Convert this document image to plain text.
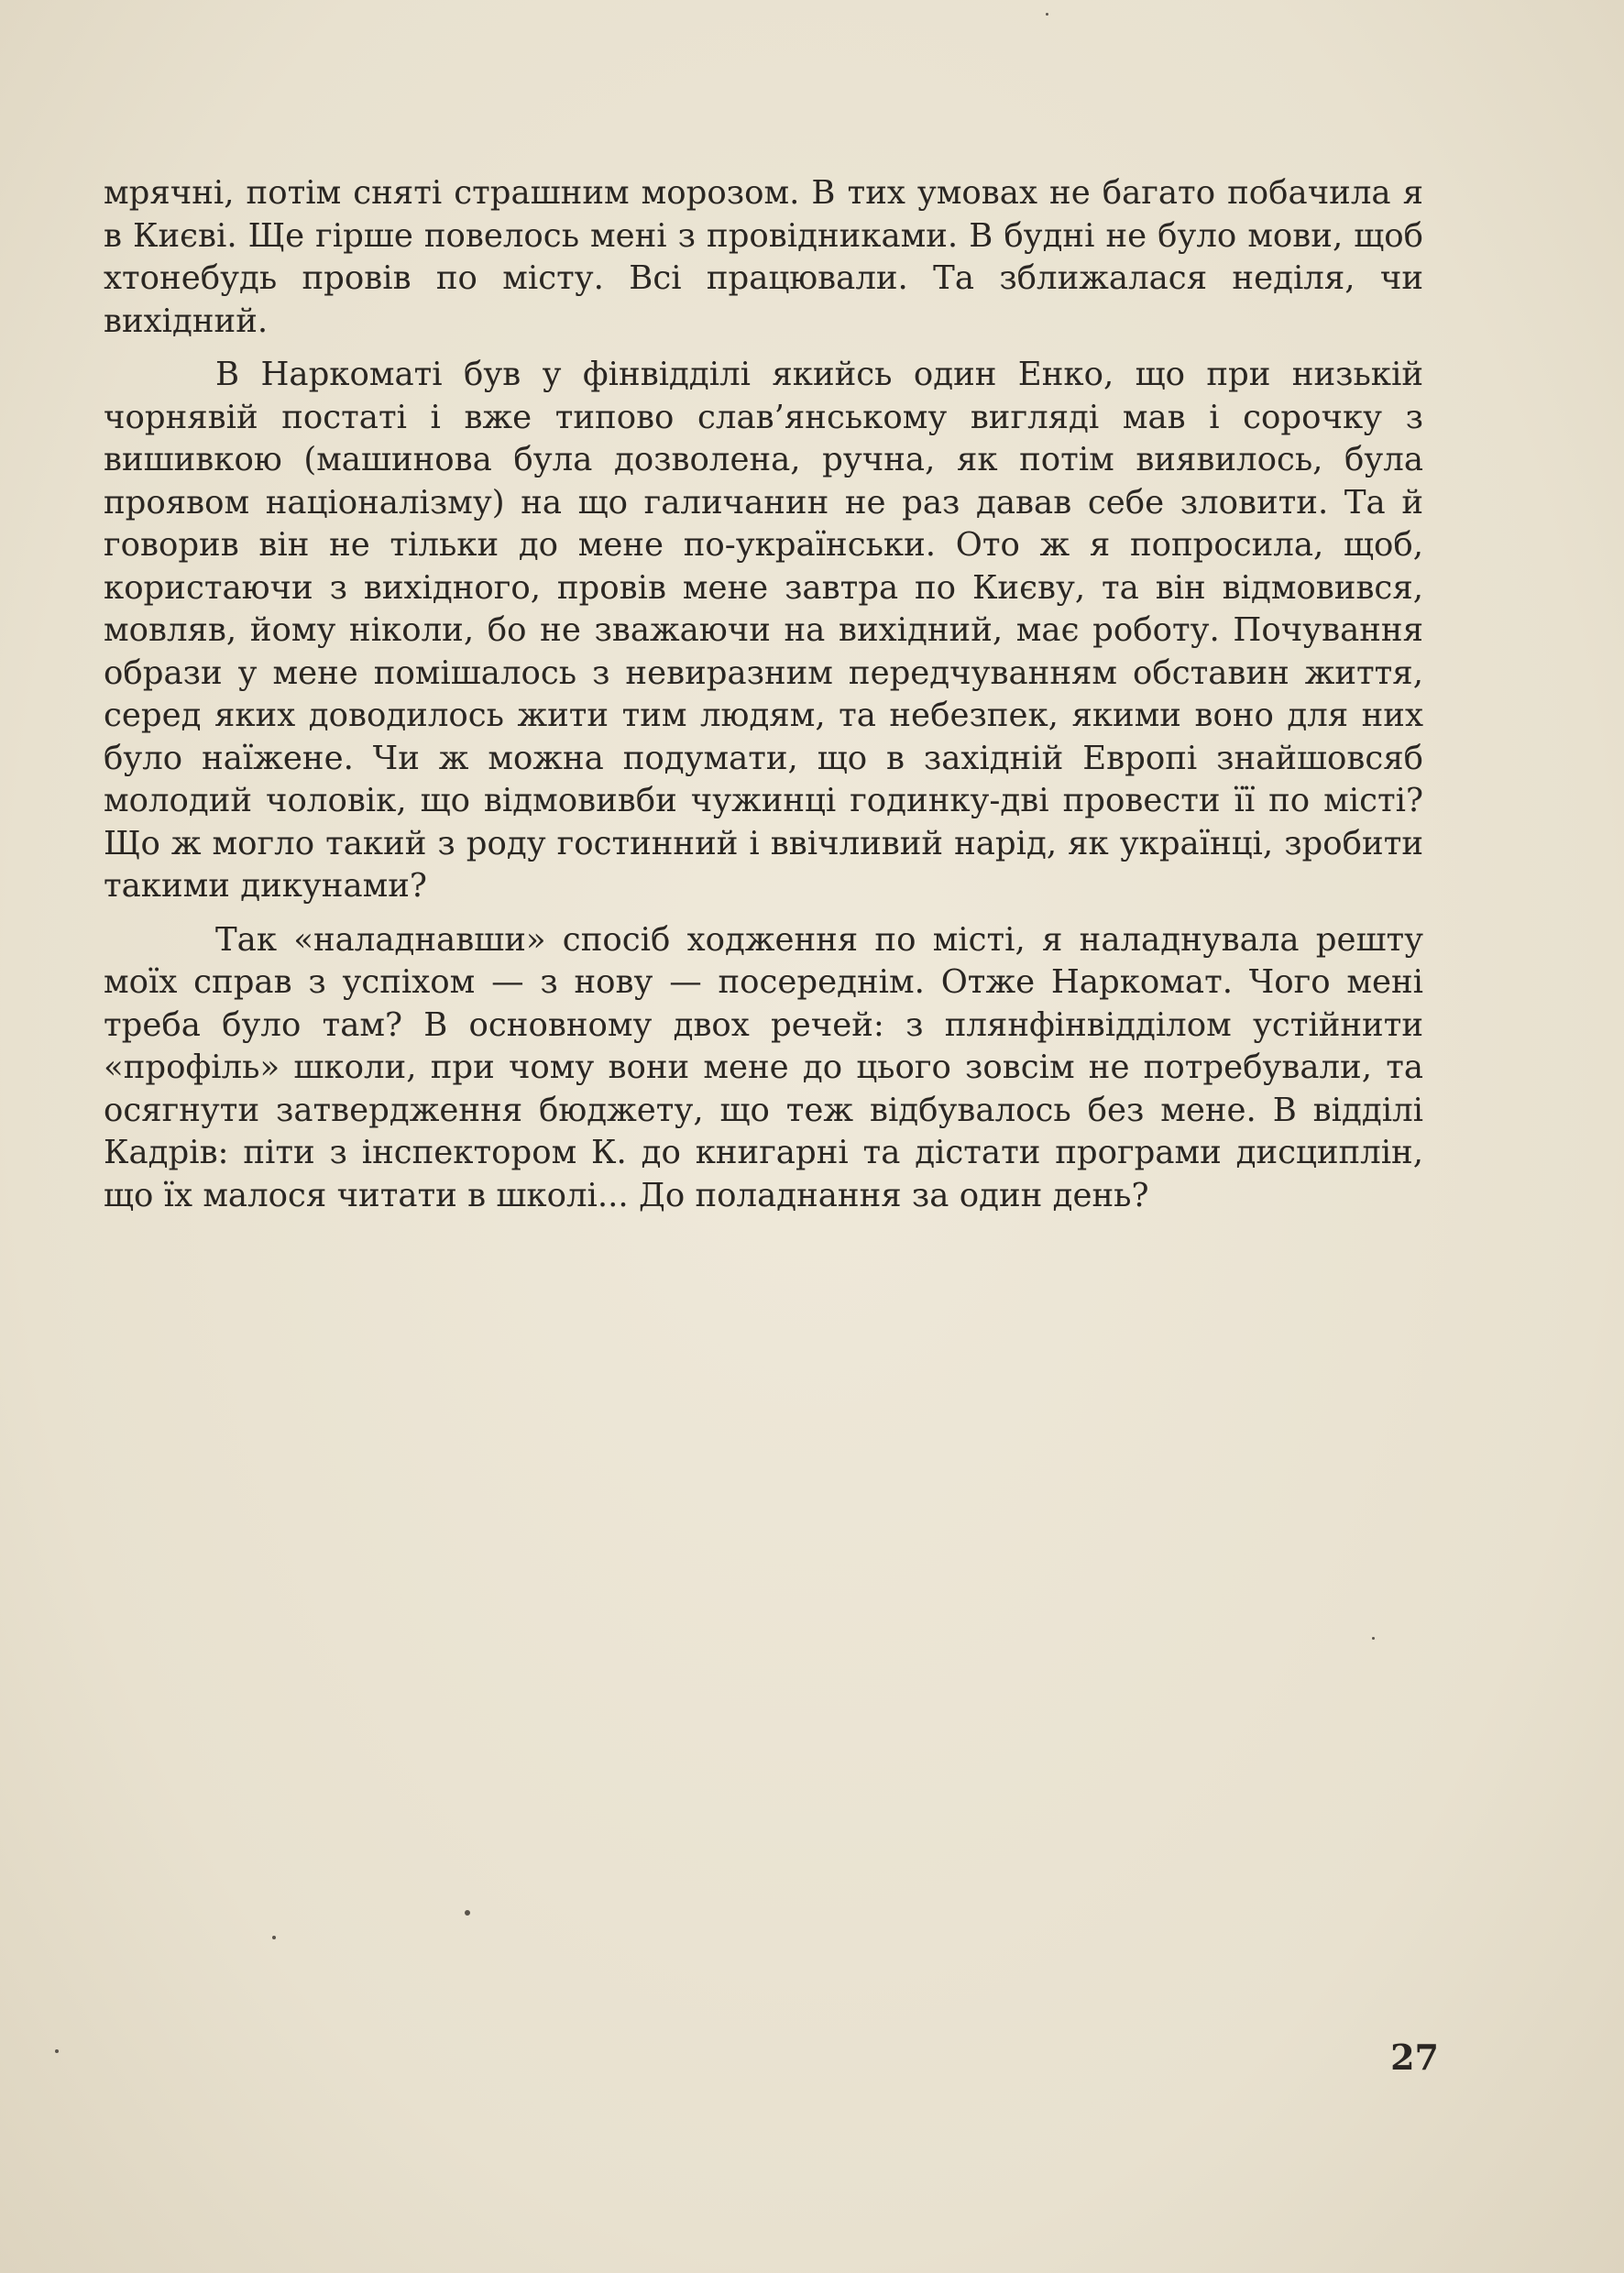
мрячні, потім сняті страшним морозом. В тих умовах не багато побачила я в Києві. Ще гірше повелось мені з провідниками. В будні не було мови, щоб хтонебудь провів по місту. Всі працювали. Та зближалася неділя, чи вихідний.

В Наркоматі був у фінвідділі якийсь один Енко, що при низькій чорнявій постаті і вже типово слав’янському вигляді мав і сорочку з вишивкою (машинова була дозволена, ручна, як потім виявилось, була проявом націоналізму) на що галичанин не раз давав себе зловити. Та й говорив він не тільки до мене по-українськи. Ото ж я попросила, щоб, користаючи з вихідного, провів мене завтра по Києву, та він відмовився, мовляв, йому ніколи, бо не зважаючи на вихідний, має роботу. Почування образи у мене помішалось з невиразним передчуванням обставин життя, серед яких доводилось жити тим людям, та небезпек, якими воно для них було наїжене. Чи ж можна подумати, що в західній Европі знайшовсяб молодий чоловік, що відмовивби чужинці годинку-дві провести її по місті? Що ж могло такий з роду гостинний і ввічливий нарід, як українці, зробити такими дикунами?

Так «наладнавши» спосіб ходження по місті, я наладнувала решту моїх справ з успіхом — з нову — посереднім. Отже Наркомат. Чого мені треба було там? В основному двох речей: з плянфінвідділом устійнити «профіль» школи, при чому вони мене до цього зовсім не потребували, та осягнути затвердження бюджету, що теж відбувалось без мене. В відділі Кадрів: піти з інспектором К. до книгарні та дістати програми дисциплін, що їх малося читати в школі... До поладнання за один день?

27
